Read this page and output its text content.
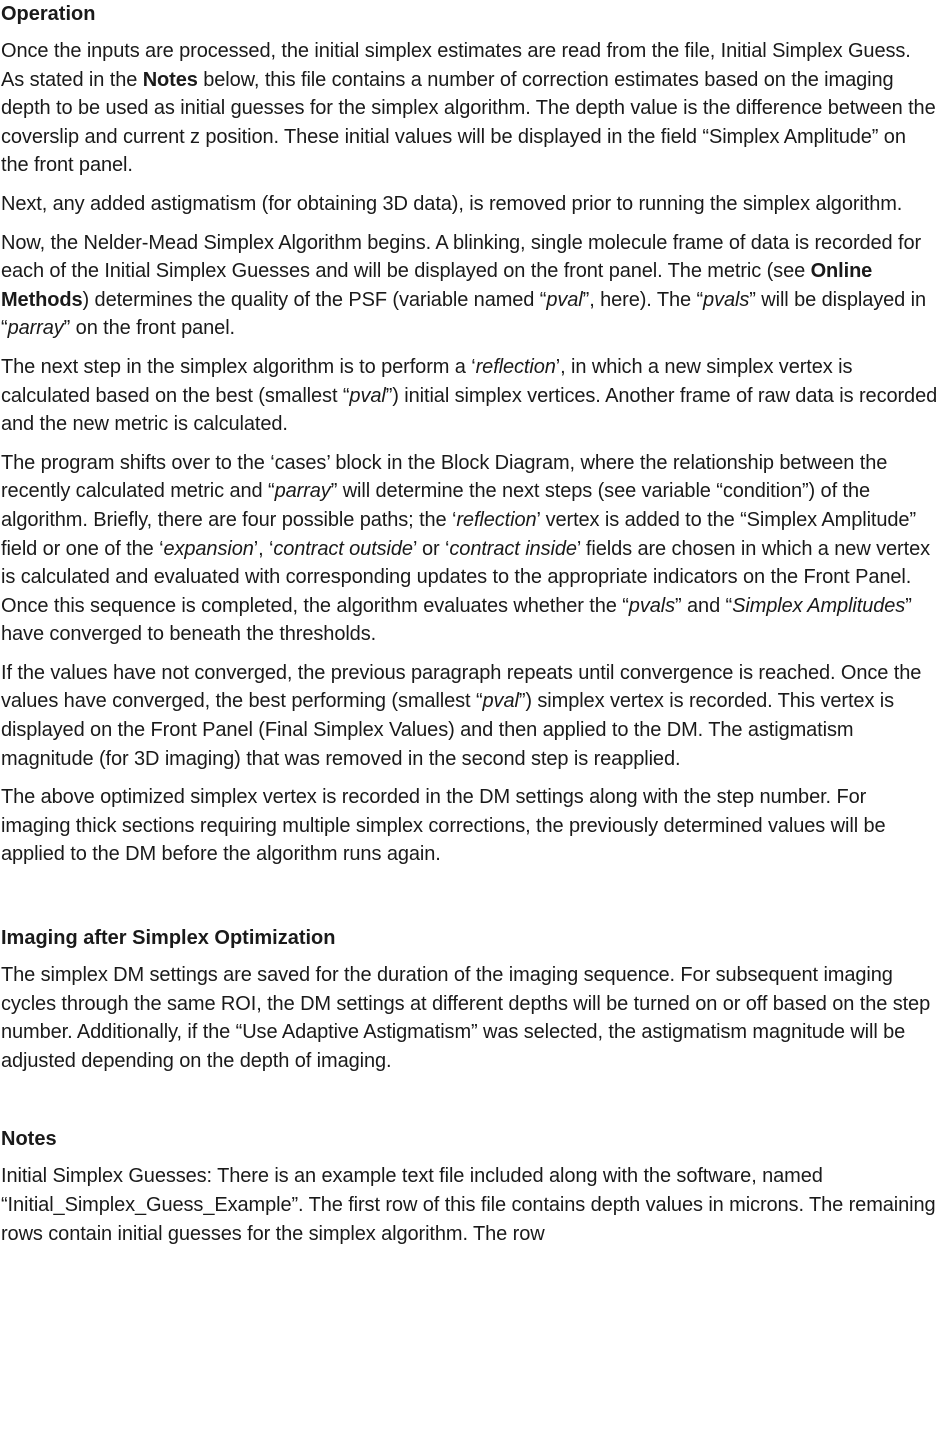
Operation

Once the inputs are processed, the initial simplex estimates are read from the file, Initial Simplex Guess. As stated in the Notes below, this file contains a number of correction estimates based on the imaging depth to be used as initial guesses for the simplex algorithm. The depth value is the difference between the coverslip and current z position. These initial values will be displayed in the field “Simplex Amplitude” on the front panel.

Next, any added astigmatism (for obtaining 3D data), is removed prior to running the simplex algorithm.

Now, the Nelder-Mead Simplex Algorithm begins. A blinking, single molecule frame of data is recorded for each of the Initial Simplex Guesses and will be displayed on the front panel. The metric (see Online Methods) determines the quality of the PSF (variable named “pval”, here). The “pvals” will be displayed in “parray” on the front panel.

The next step in the simplex algorithm is to perform a ‘reflection’, in which a new simplex vertex is calculated based on the best (smallest “pval”) initial simplex vertices. Another frame of raw data is recorded and the new metric is calculated.

The program shifts over to the ‘cases’ block in the Block Diagram, where the relationship between the recently calculated metric and “parray” will determine the next steps (see variable “condition”) of the algorithm. Briefly, there are four possible paths; the ‘reflection’ vertex is added to the “Simplex Amplitude” field or one of the ‘expansion’, ‘contract outside’ or ‘contract inside’ fields are chosen in which a new vertex is calculated and evaluated with corresponding updates to the appropriate indicators on the Front Panel. Once this sequence is completed, the algorithm evaluates whether the “pvals” and “Simplex Amplitudes” have converged to beneath the thresholds.

If the values have not converged, the previous paragraph repeats until convergence is reached. Once the values have converged, the best performing (smallest “pval”) simplex vertex is recorded. This vertex is displayed on the Front Panel (Final Simplex Values) and then applied to the DM. The astigmatism magnitude (for 3D imaging) that was removed in the second step is reapplied.

The above optimized simplex vertex is recorded in the DM settings along with the step number. For imaging thick sections requiring multiple simplex corrections, the previously determined values will be applied to the DM before the algorithm runs again.

Imaging after Simplex Optimization

The simplex DM settings are saved for the duration of the imaging sequence. For subsequent imaging cycles through the same ROI, the DM settings at different depths will be turned on or off based on the step number. Additionally, if the “Use Adaptive Astigmatism” was selected, the astigmatism magnitude will be adjusted depending on the depth of imaging.

Notes

Initial Simplex Guesses: There is an example text file included along with the software, named “Initial_Simplex_Guess_Example”. The first row of this file contains depth values in microns. The remaining rows contain initial guesses for the simplex algorithm. The row
